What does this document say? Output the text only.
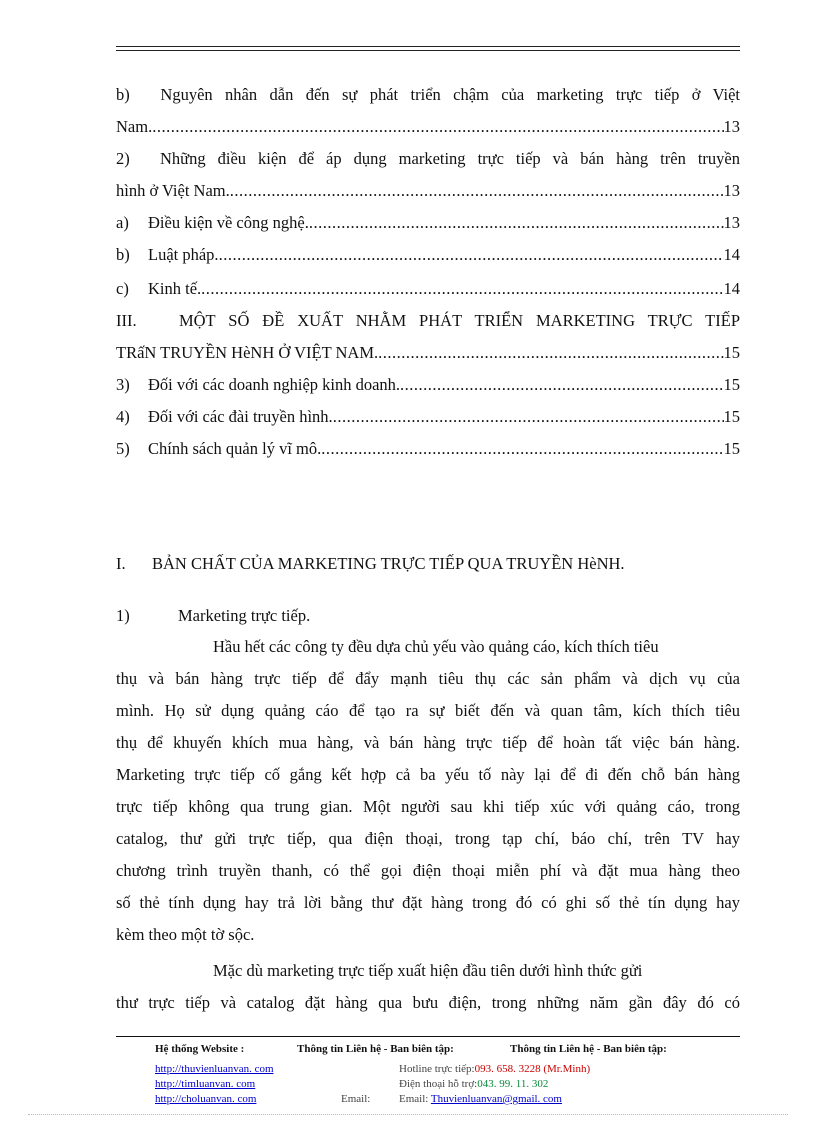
b) Nguyên nhân dẫn đến sự phát triển chậm của marketing trực tiếp ở Việt
Nam. .....	13
2) Những điều kiện để áp dụng marketing trực tiếp và bán hàng trên truyền
hình ở Việt Nam. .....	13
a) Điều kiện về công nghệ. .....	13
b) Luật pháp. .....	14
c) Kinh tế. .....	14
III.	MỘT SỐ ĐỀ XUẤT NHẰM PHÁT TRIỂN MARKETING TRỰC TIẾP
TRấN TRUYỀN HèNH Ở VIỆT NAM. .....	15
3) Đối với các doanh nghiệp kinh doanh. .....	15
4) Đối với các đài truyền hình. .....	15
5) Chính sách quản lý vĩ mô. .....	15
I. BẢN CHẤT CỦA MARKETING TRỰC TIẾP QUA TRUYỀN HèNH.
1)	Marketing trực tiếp.
Hầu hết các công ty đều dựa chủ yếu vào quảng cáo, kích thích tiêu
thụ và bán hàng trực tiếp để đẩy mạnh tiêu thụ các sản phẩm và dịch vụ của
mình. Họ sử dụng quảng cáo để tạo ra sự biết đến và quan tâm, kích thích tiêu
thụ để khuyến khích mua hàng, và bán hàng trực tiếp để hoàn tất việc bán hàng.
Marketing trực tiếp cố gắng kết hợp cả ba yếu tố này lại để đi đến chỗ bán hàng
trực tiếp không qua trung gian. Một người sau khi tiếp xúc với quảng cáo, trong
catalog, thư gửi trực tiếp, qua điện thoại, trong tạp chí, báo chí, trên TV hay
chương trình truyền thanh, có thể gọi điện thoại miễn phí và đặt mua hàng theo
số thẻ tính dụng hay trả lời bằng thư đặt hàng trong đó có ghi số thẻ tín dụng hay
kèm theo một tờ sộc.
Mặc dù marketing trực tiếp xuất hiện đầu tiên dưới hình thức gửi
thư trực tiếp và catalog đặt hàng qua bưu điện, trong những năm gần đây đó có
Hệ thống Website :	Thông tin Liên hệ - Ban biên tập:	Thông tin Liên hệ - Ban biên tập:
http://thuvienluanvan. com
http://timluanvan. com
http://choluanvan. com	Email:
Hotline trực tiếp:093. 658. 3228 (Mr.Minh)
Điện thoại hỗ trợ:043. 99. 11. 302
Email: Thuvienluanvan@gmail. com
